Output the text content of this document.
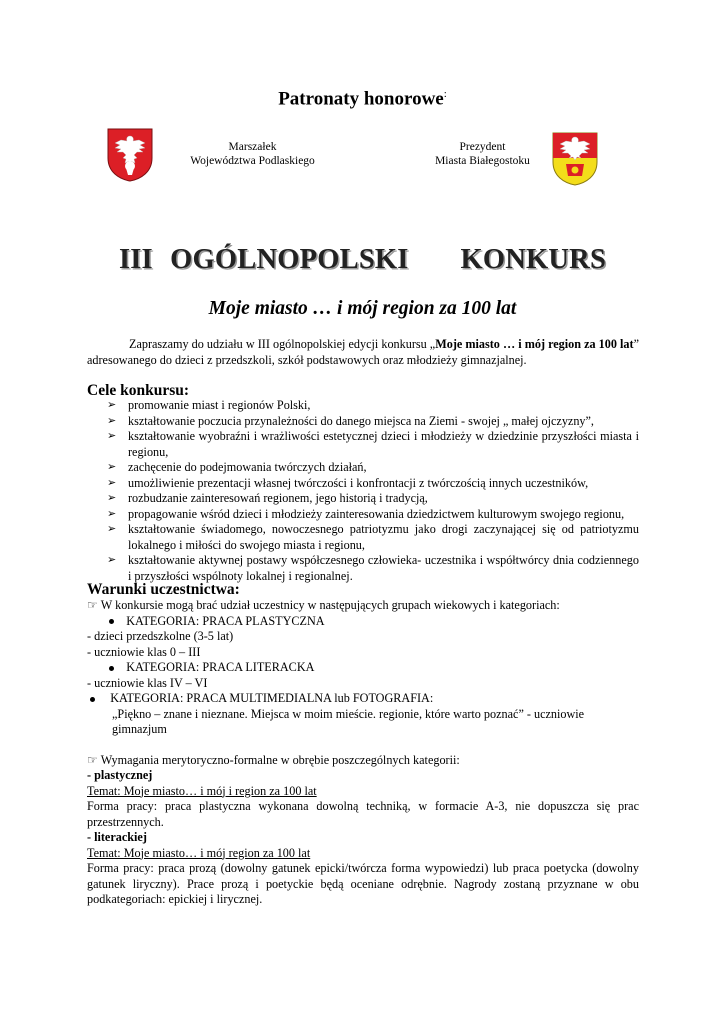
Patronaty honorowe:
Marszałek
Województwa Podlaskiego
Prezydent
Miasta Białegostoku
III OGÓLNOPOLSKI   KONKURS
Moje miasto … i mój region za 100 lat
Zapraszamy do udziału w III ogólnopolskiej edycji konkursu „Moje miasto … i mój region za 100 lat” adresowanego do dzieci z przedszkoli, szkół podstawowych oraz młodzieży gimnazjalnej.
Cele konkursu:
➢ promowanie miast i regionów Polski,
➢ kształtowanie poczucia przynależności do danego miejsca na Ziemi - swojej „ małej ojczyzny”,
➢ kształtowanie wyobraźni i wrażliwości estetycznej dzieci i młodzieży w dziedzinie przyszłości miasta i regionu,
➢ zachęcenie do podejmowania twórczych działań,
➢ umożliwienie prezentacji własnej twórczości i konfrontacji z twórczością innych uczestników,
➢ rozbudzanie zainteresowań regionem, jego historią i tradycją,
➢ propagowanie wśród dzieci i młodzieży zainteresowania dziedzictwem kulturowym swojego regionu,
➢ kształtowanie świadomego, nowoczesnego patriotyzmu jako drogi zaczynającej się od patriotyzmu lokalnego i miłości do swojego miasta i regionu,
➢ kształtowanie aktywnej postawy współczesnego człowieka- uczestnika i współtwórcy dnia codziennego i przyszłości wspólnoty lokalnej i regionalnej.
Warunki uczestnictwa:
☞ W konkursie mogą brać udział uczestnicy w następujących grupach wiekowych i kategoriach:
KATEGORIA: PRACA PLASTYCZNA
- dzieci przedszkolne (3-5 lat)
- uczniowie klas 0 – III
KATEGORIA: PRACA LITERACKA
- uczniowie klas IV – VI
KATEGORIA: PRACA MULTIMEDIALNA lub FOTOGRAFIA:
„Piękno – znane i nieznane. Miejsca w moim mieście. regionie, które warto poznać” - uczniowie gimnazjum
☞ Wymagania merytoryczno-formalne w obrębie poszczególnych kategorii:
- plastycznej
Temat: Moje miasto… i mój i region za 100 lat
Forma pracy: praca plastyczna wykonana dowolną techniką, w formacie A-3, nie dopuszcza się prac przestrzennych.
- literackiej
Temat: Moje miasto… i mój region za 100 lat
Forma pracy: praca prozą (dowolny gatunek epicki/twórcza forma wypowiedzi) lub praca poetycka (dowolny gatunek liryczny). Prace prozą i poetyckie będą oceniane odrębnie. Nagrody zostaną przyznane w obu podkategoriach: epickiej i lirycznej.
